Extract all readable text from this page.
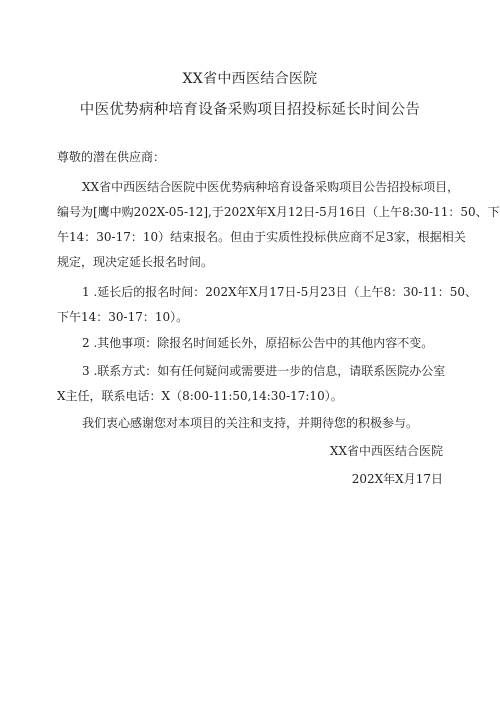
XX省中西医结合医院
中医优势病种培育设备采购项目招投标延长时间公告
尊敬的潜在供应商：
XX省中西医结合医院中医优势病种培育设备采购项目公告招投标项目，
编号为[鹰中购202X-05-12],于202X年X月12日-5月16日（上午8:30-11：50、下
午14：30-17：10）结束报名。但由于实质性投标供应商不足3家，根据相关
规定，现决定延长报名时间。
1 .延长后的报名时间：202X年X月17日-5月23日（上午8：30-11：50、
下午14：30-17：10）。
2 .其他事项：除报名时间延长外，原招标公告中的其他内容不变。
3 .联系方式：如有任何疑问或需要进一步的信息，请联系医院办公室
X主任，联系电话：X（8:00-11:50,14:30-17:10）。
我们衷心感谢您对本项目的关注和支持，并期待您的积极参与。
XX省中西医结合医院
202X年X月17日
